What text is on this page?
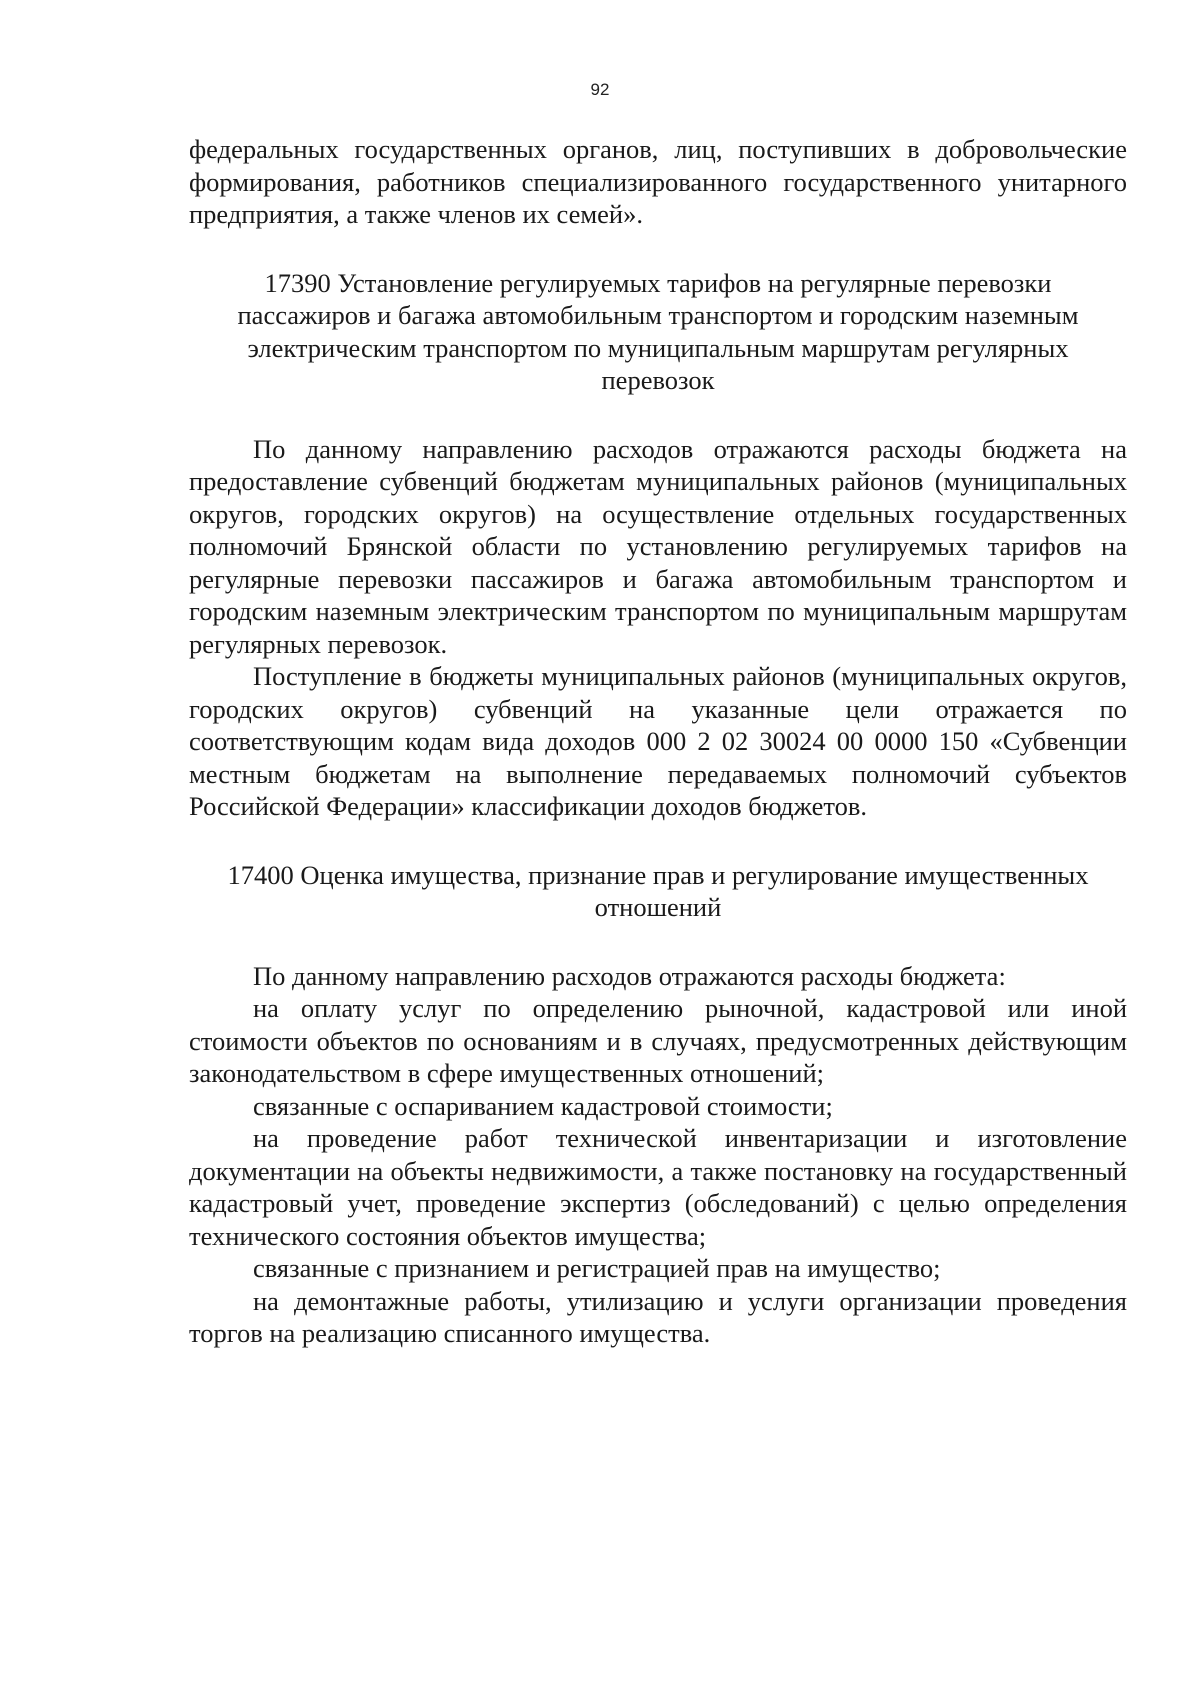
92

федеральных государственных органов, лиц, поступивших в добровольческие формирования, работников специализированного государственного унитарного предприятия, а также членов их семей».

17390 Установление регулируемых тарифов на регулярные перевозки пассажиров и багажа автомобильным транспортом и городским наземным электрическим транспортом по муниципальным маршрутам регулярных перевозок

По данному направлению расходов отражаются расходы бюджета на предоставление субвенций бюджетам муниципальных районов (муниципальных округов, городских округов) на осуществление отдельных государственных полномочий Брянской области по установлению регулируемых тарифов на регулярные перевозки пассажиров и багажа автомобильным транспортом и городским наземным электрическим транспортом по муниципальным маршрутам регулярных перевозок.

Поступление в бюджеты муниципальных районов (муниципальных округов, городских округов) субвенций на указанные цели отражается по соответствующим кодам вида доходов 000 2 02 30024 00 0000 150 «Субвенции местным бюджетам на выполнение передаваемых полномочий субъектов Российской Федерации» классификации доходов бюджетов.

17400 Оценка имущества, признание прав и регулирование имущественных отношений

По данному направлению расходов отражаются расходы бюджета:

на оплату услуг по определению рыночной, кадастровой или иной стоимости объектов по основаниям и в случаях, предусмотренных действующим законодательством в сфере имущественных отношений;

связанные с оспариванием кадастровой стоимости;

на проведение работ технической инвентаризации и изготовление документации на объекты недвижимости, а также постановку на государственный кадастровый учет, проведение экспертиз (обследований) с целью определения технического состояния объектов имущества;

связанные с признанием и регистрацией прав на имущество;

на демонтажные работы, утилизацию и услуги организации проведения торгов на реализацию списанного имущества.
